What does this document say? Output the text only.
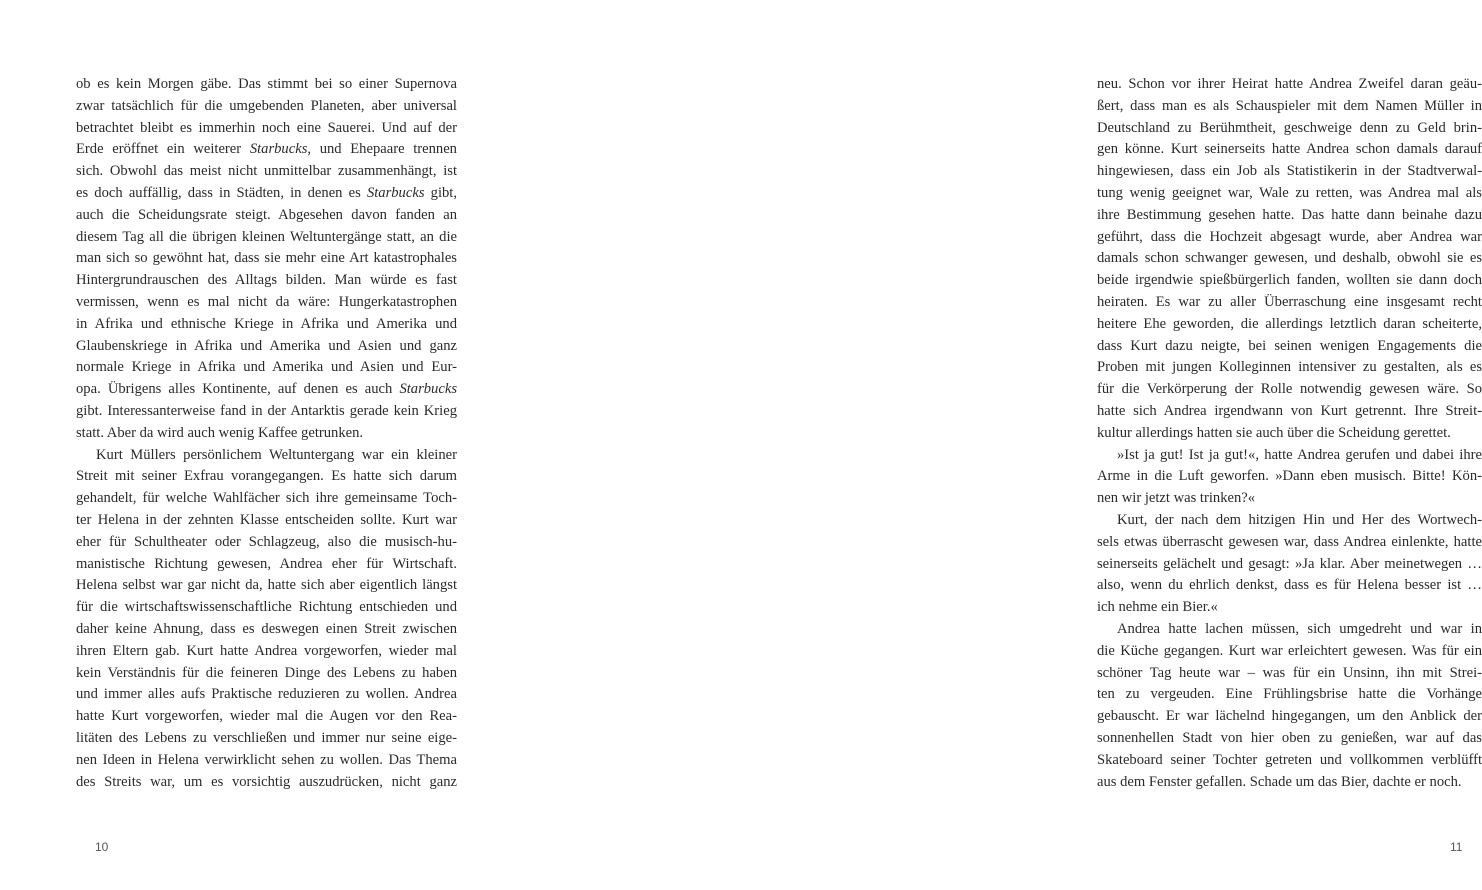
ob es kein Morgen gäbe. Das stimmt bei so einer Supernova
zwar tatsächlich für die umgebenden Planeten, aber universal
betrachtet bleibt es immerhin noch eine Sauerei. Und auf der
Erde eröffnet ein weiterer Starbucks, und Ehepaare trennen
sich. Obwohl das meist nicht unmittelbar zusammenhängt, ist
es doch auffällig, dass in Städten, in denen es Starbucks gibt,
auch die Scheidungsrate steigt. Abgesehen davon fanden an
diesem Tag all die übrigen kleinen Weltuntergänge statt, an die
man sich so gewöhnt hat, dass sie mehr eine Art katastrophales
Hintergrundrauschen des Alltags bilden. Man würde es fast
vermissen, wenn es mal nicht da wäre: Hungerkatastrophen
in Afrika und ethnische Kriege in Afrika und Amerika und
Glaubenskriege in Afrika und Amerika und Asien und ganz
normale Kriege in Afrika und Amerika und Asien und Eur-
opa. Übrigens alles Kontinente, auf denen es auch Starbucks
gibt. Interessanterweise fand in der Antarktis gerade kein Krieg
statt. Aber da wird auch wenig Kaffee getrunken.
Kurt Müllers persönlichem Weltuntergang war ein kleiner
Streit mit seiner Exfrau vorangegangen. Es hatte sich darum
gehandelt, für welche Wahlfächer sich ihre gemeinsame Toch-
ter Helena in der zehnten Klasse entscheiden sollte. Kurt war
eher für Schultheater oder Schlagzeug, also die musisch-hu-
manistische Richtung gewesen, Andrea eher für Wirtschaft.
Helena selbst war gar nicht da, hatte sich aber eigentlich längst
für die wirtschaftswissenschaftliche Richtung entschieden und
daher keine Ahnung, dass es deswegen einen Streit zwischen
ihren Eltern gab. Kurt hatte Andrea vorgeworfen, wieder mal
kein Verständnis für die feineren Dinge des Lebens zu haben
und immer alles aufs Praktische reduzieren zu wollen. Andrea
hatte Kurt vorgeworfen, wieder mal die Augen vor den Rea-
litäten des Lebens zu verschließen und immer nur seine eige-
nen Ideen in Helena verwirklicht sehen zu wollen. Das Thema
des Streits war, um es vorsichtig auszudrücken, nicht ganz
10
neu. Schon vor ihrer Heirat hatte Andrea Zweifel daran geäu-
ßert, dass man es als Schauspieler mit dem Namen Müller in
Deutschland zu Berühmtheit, geschweige denn zu Geld brin-
gen könne. Kurt seinerseits hatte Andrea schon damals darauf
hingewiesen, dass ein Job als Statistikerin in der Stadtverwal-
tung wenig geeignet war, Wale zu retten, was Andrea mal als
ihre Bestimmung gesehen hatte. Das hatte dann beinahe dazu
geführt, dass die Hochzeit abgesagt wurde, aber Andrea war
damals schon schwanger gewesen, und deshalb, obwohl sie es
beide irgendwie spießbürgerlich fanden, wollten sie dann doch
heiraten. Es war zu aller Überraschung eine insgesamt recht
heitere Ehe geworden, die allerdings letztlich daran scheiterte,
dass Kurt dazu neigte, bei seinen wenigen Engagements die
Proben mit jungen Kolleginnen intensiver zu gestalten, als es
für die Verkörperung der Rolle notwendig gewesen wäre. So
hatte sich Andrea irgendwann von Kurt getrennt. Ihre Streit-
kultur allerdings hatten sie auch über die Scheidung gerettet.
»Ist ja gut! Ist ja gut!«, hatte Andrea gerufen und dabei ihre
Arme in die Luft geworfen. »Dann eben musisch. Bitte! Kön-
nen wir jetzt was trinken?«
Kurt, der nach dem hitzigen Hin und Her des Wortwech-
sels etwas überrascht gewesen war, dass Andrea einlenkte, hatte
seinerseits gelächelt und gesagt: »Ja klar. Aber meinetwegen …
also, wenn du ehrlich denkst, dass es für Helena besser ist …
ich nehme ein Bier.«
Andrea hatte lachen müssen, sich umgedreht und war in
die Küche gegangen. Kurt war erleichtert gewesen. Was für ein
schöner Tag heute war – was für ein Unsinn, ihn mit Strei-
ten zu vergeuden. Eine Frühlingsbrise hatte die Vorhänge
gebauscht. Er war lächelnd hingegangen, um den Anblick der
sonnenhellen Stadt von hier oben zu genießen, war auf das
Skateboard seiner Tochter getreten und vollkommen verblüfft
aus dem Fenster gefallen. Schade um das Bier, dachte er noch.
11
